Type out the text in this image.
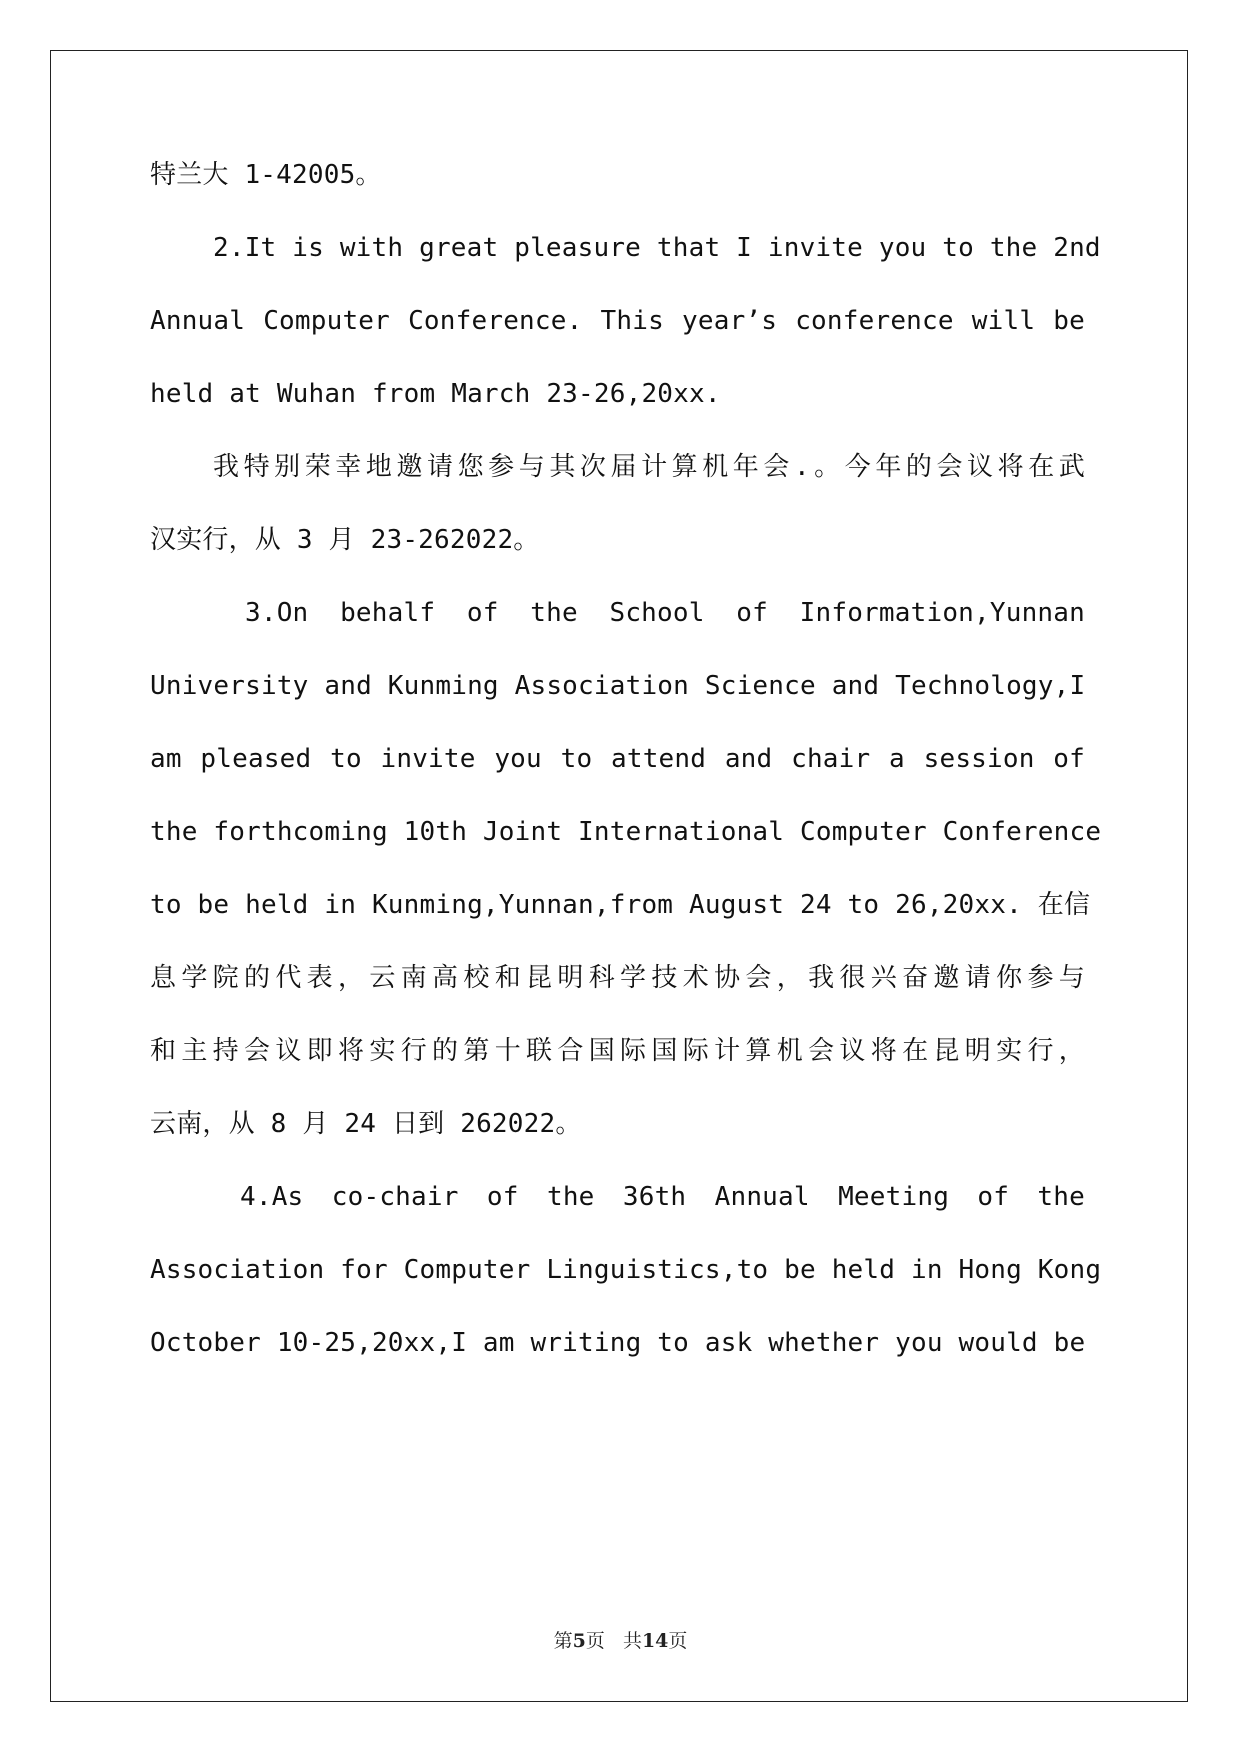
特兰大 1-42005。
2.It is with great pleasure that I invite you to the 2nd
Annual Computer Conference. This year’s conference will be
held at Wuhan from March 23-26,20xx.
我特别荣幸地邀请您参与其次届计算机年会.。今年的会议将在武
汉实行，从 3 月 23-262022。
3.On behalf of the School of Information,Yunnan
University and Kunming Association Science and Technology,I
am pleased to invite you to attend and chair a session of
the forthcoming 10th Joint International Computer Conference
to be held in Kunming,Yunnan,from August 24 to 26,20xx. 在信
息学院的代表，云南高校和昆明科学技术协会，我很兴奋邀请你参与
和主持会议即将实行的第十联合国际国际计算机会议将在昆明实行，
云南，从 8 月 24 日到 262022。
4.As co-chair of the 36th Annual Meeting of the
Association for Computer Linguistics,to be held in Hong Kong
October 10-25,20xx,I am writing to ask whether you would be
第5页   共14页
